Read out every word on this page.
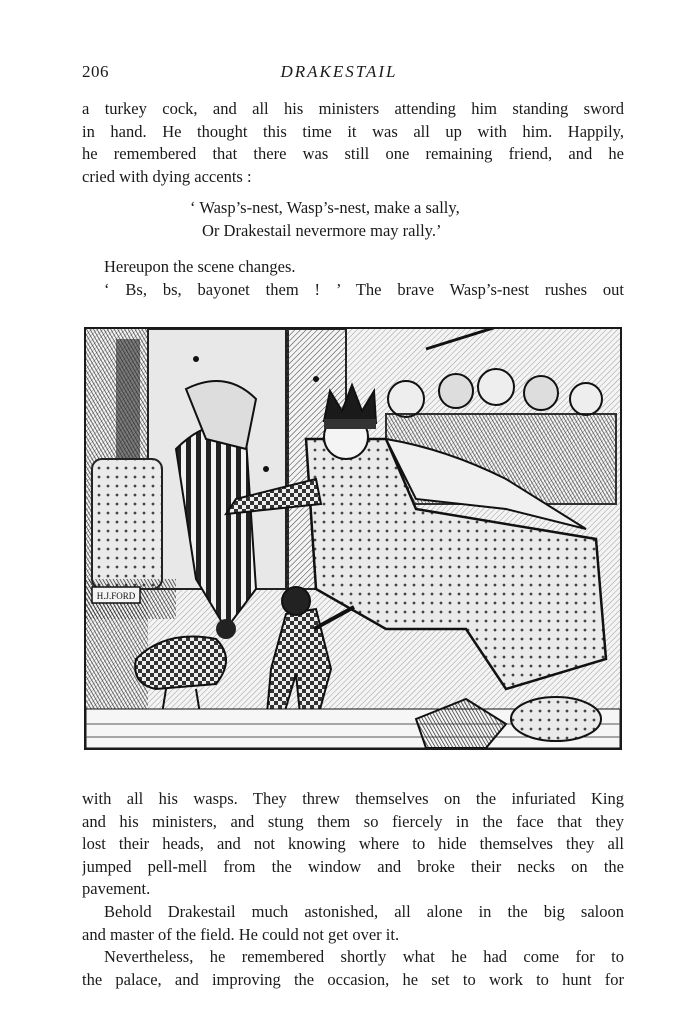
206	DRAKESTAIL
a turkey cock, and all his ministers attending him standing sword
in hand. He thought this time it was all up with him. Happily,
he remembered that there was still one remaining friend, and he
cried with dying accents :
‘ Wasp’s-nest, Wasp’s-nest, make a sally,
Or Drakestail nevermore may rally.’
Hereupon the scene changes.
‘ Bs, bs, bayonet them ! ’ The brave Wasp’s-nest rushes out
H.J.FORD
with all his wasps. They threw themselves on the infuriated King
and his ministers, and stung them so fiercely in the face that they
lost their heads, and not knowing where to hide themselves they all
jumped pell-mell from the window and broke their necks on the
pavement.
Behold Drakestail much astonished, all alone in the big saloon
and master of the field. He could not get over it.
Nevertheless, he remembered shortly what he had come for to
the palace, and improving the occasion, he set to work to hunt for
